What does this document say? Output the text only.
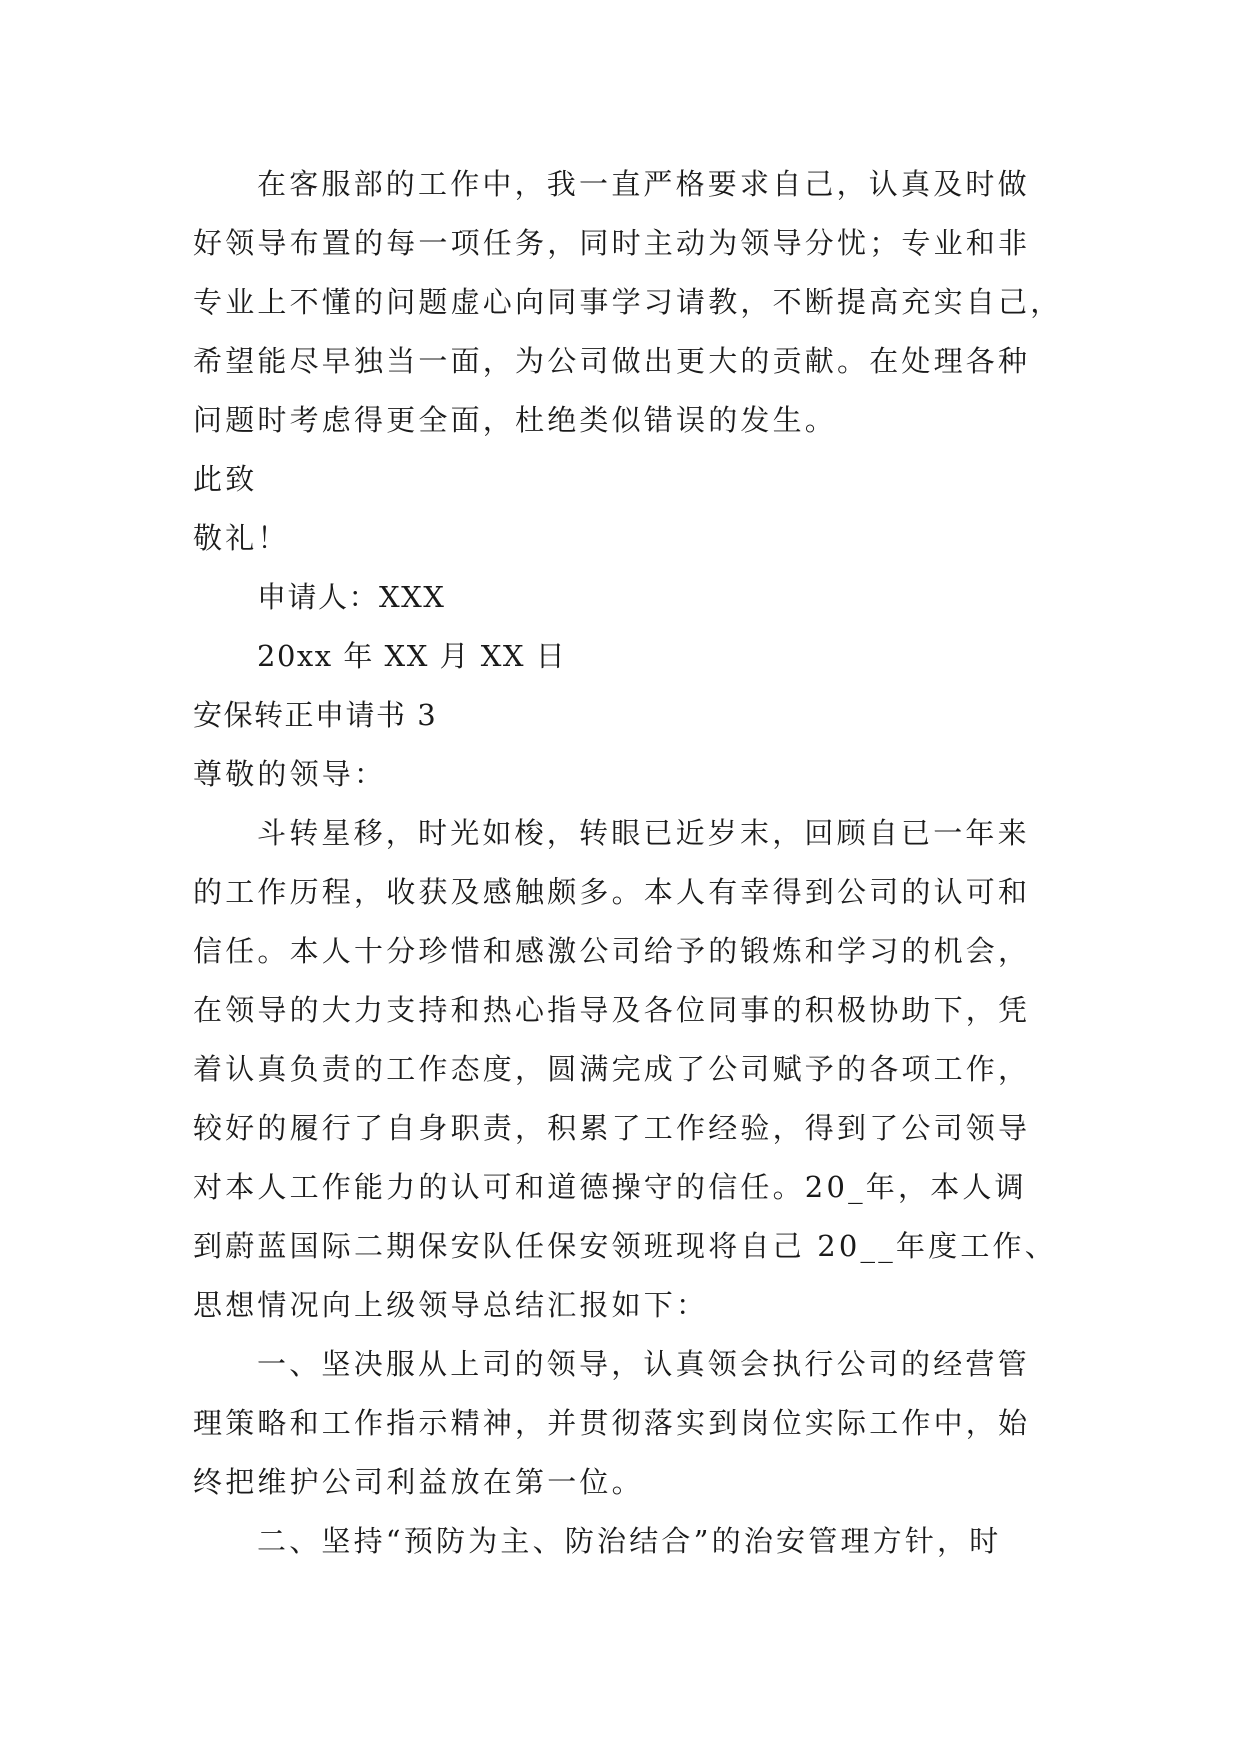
在客服部的工作中，我一直严格要求自己，认真及时做
好领导布置的每一项任务，同时主动为领导分忧；专业和非
专业上不懂的问题虚心向同事学习请教，不断提高充实自己，
希望能尽早独当一面，为公司做出更大的贡献。在处理各种
问题时考虑得更全面，杜绝类似错误的发生。
此致
敬礼！
申请人：XXX
20xx 年 XX 月 XX 日
安保转正申请书 3
尊敬的领导：
斗转星移，时光如梭，转眼已近岁末，回顾自已一年来
的工作历程，收获及感触颇多。本人有幸得到公司的认可和
信任。本人十分珍惜和感激公司给予的锻炼和学习的机会，
在领导的大力支持和热心指导及各位同事的积极协助下，凭
着认真负责的工作态度，圆满完成了公司赋予的各项工作，
较好的履行了自身职责，积累了工作经验，得到了公司领导
对本人工作能力的认可和道德操守的信任。20_年，本人调
到蔚蓝国际二期保安队任保安领班现将自己 20__年度工作、
思想情况向上级领导总结汇报如下：
一、坚决服从上司的领导，认真领会执行公司的经营管
理策略和工作指示精神，并贯彻落实到岗位实际工作中，始
终把维护公司利益放在第一位。
二、坚持“预防为主、防治结合”的治安管理方针，时
